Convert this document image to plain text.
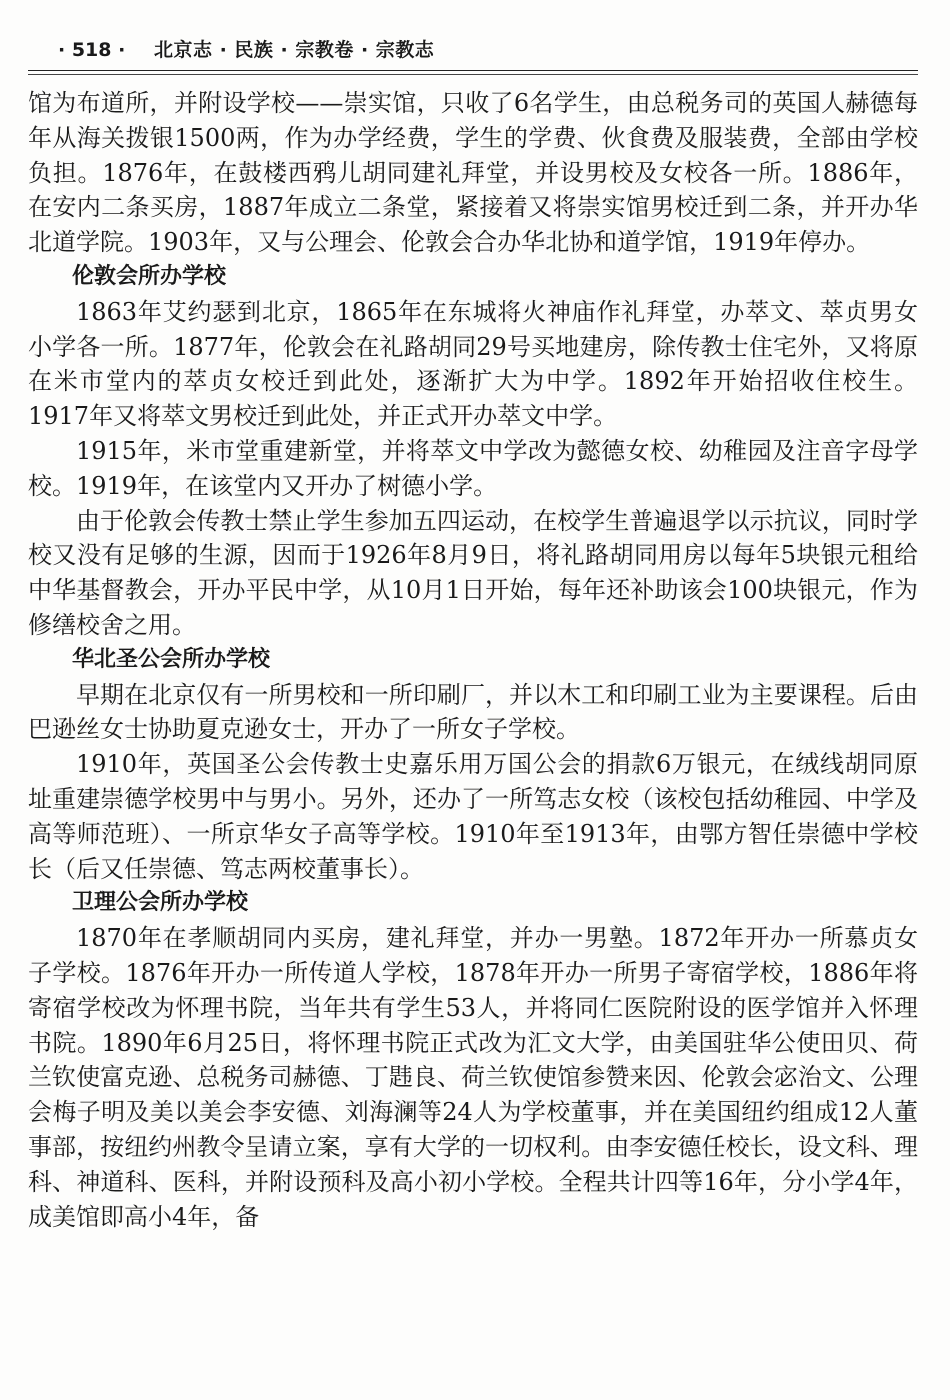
· 518 · 北京志 · 民族 · 宗教卷 · 宗教志

馆为布道所，并附设学校——崇实馆，只收了6名学生，由总税务司的英国人赫德每年从海关拨银1500两，作为办学经费，学生的学费、伙食费及服装费，全部由学校负担。1876年，在鼓楼西鸦儿胡同建礼拜堂，并设男校及女校各一所。1886年，在安内二条买房，1887年成立二条堂，紧接着又将崇实馆男校迁到二条，并开办华北道学院。1903年，又与公理会、伦敦会合办华北协和道学馆，1919年停办。

伦敦会所办学校

1863年艾约瑟到北京，1865年在东城将火神庙作礼拜堂，办萃文、萃贞男女小学各一所。1877年，伦敦会在礼路胡同29号买地建房，除传教士住宅外，又将原在米市堂内的萃贞女校迁到此处，逐渐扩大为中学。1892年开始招收住校生。1917年又将萃文男校迁到此处，并正式开办萃文中学。

1915年，米市堂重建新堂，并将萃文中学改为懿德女校、幼稚园及注音字母学校。1919年，在该堂内又开办了树德小学。

由于伦敦会传教士禁止学生参加五四运动，在校学生普遍退学以示抗议，同时学校又没有足够的生源，因而于1926年8月9日，将礼路胡同用房以每年5块银元租给中华基督教会，开办平民中学，从10月1日开始，每年还补助该会100块银元，作为修缮校舍之用。

华北圣公会所办学校

早期在北京仅有一所男校和一所印刷厂，并以木工和印刷工业为主要课程。后由巴逊丝女士协助夏克逊女士，开办了一所女子学校。

1910年，英国圣公会传教士史嘉乐用万国公会的捐款6万银元，在绒线胡同原址重建崇德学校男中与男小。另外，还办了一所笃志女校（该校包括幼稚园、中学及高等师范班）、一所京华女子高等学校。1910年至1913年，由鄂方智任崇德中学校长（后又任崇德、笃志两校董事长）。

卫理公会所办学校

1870年在孝顺胡同内买房，建礼拜堂，并办一男塾。1872年开办一所慕贞女子学校。1876年开办一所传道人学校，1878年开办一所男子寄宿学校，1886年将寄宿学校改为怀理书院，当年共有学生53人，并将同仁医院附设的医学馆并入怀理书院。1890年6月25日，将怀理书院正式改为汇文大学，由美国驻华公使田贝、荷兰钦使富克逊、总税务司赫德、丁韪良、荷兰钦使馆参赞来因、伦敦会宓治文、公理会梅子明及美以美会李安德、刘海澜等24人为学校董事，并在美国纽约组成12人董事部，按纽约州教令呈请立案，享有大学的一切权利。由李安德任校长，设文科、理科、神道科、医科，并附设预科及高小初小学校。全程共计四等16年，分小学4年，成美馆即高小4年，备
